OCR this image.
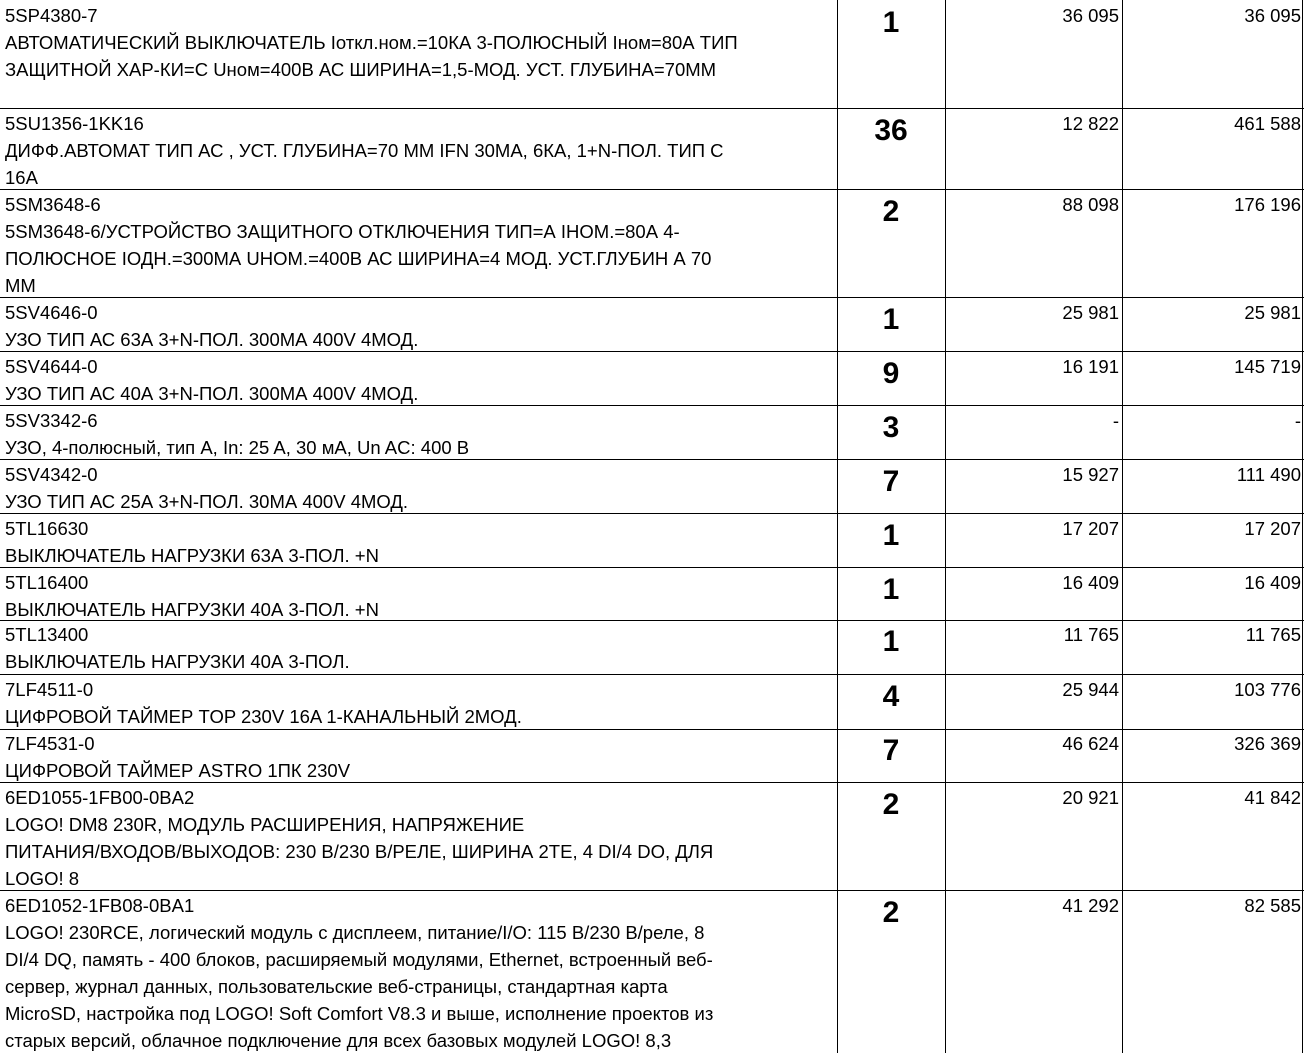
5SP4380-7
АВТОМАТИЧЕСКИЙ ВЫКЛЮЧАТЕЛЬ Iоткл.ном.=10КА 3-ПОЛЮСНЫЙ Iном=80А ТИП
ЗАЩИТНОЙ ХАР-КИ=С Uном=400В АС ШИРИНА=1,5-МОД. УСТ. ГЛУБИНА=70ММ
1	36 095	36 095
5SU1356-1KK16
ДИФФ.АВТОМАТ ТИП АС , УСТ. ГЛУБИНА=70 ММ IFN 30МА, 6КА, 1+N-ПОЛ. ТИП С
16А
36	12 822	461 588
5SM3648-6
5SM3648-6/УСТРОЙСТВО ЗАЩИТНОГО ОТКЛЮЧЕНИЯ ТИП=А IНОМ.=80А 4-
ПОЛЮСНОЕ IОДН.=300МА UНОМ.=400В АС ШИРИНА=4 МОД. УСТ.ГЛУБИН А 70
ММ
2	88 098	176 196
5SV4646-0
УЗО ТИП АС 63А 3+N-ПОЛ. 300МА 400V 4МОД.
1	25 981	25 981
5SV4644-0
УЗО ТИП АС 40А 3+N-ПОЛ. 300МА 400V 4МОД.
9	16 191	145 719
5SV3342-6
УЗО, 4-полюсный, тип A, In: 25 A, 30 мА, Un AC: 400 В
3	-	-
5SV4342-0
УЗО ТИП АС 25А 3+N-ПОЛ. 30МА 400V 4МОД.
7	15 927	111 490
5TL16630
ВЫКЛЮЧАТЕЛЬ НАГРУЗКИ 63А 3-ПОЛ. +N
1	17 207	17 207
5TL16400
ВЫКЛЮЧАТЕЛЬ НАГРУЗКИ 40А 3-ПОЛ. +N
1	16 409	16 409
5TL13400
ВЫКЛЮЧАТЕЛЬ НАГРУЗКИ 40А 3-ПОЛ.
1	11 765	11 765
7LF4511-0
ЦИФРОВОЙ ТАЙМЕР TOP 230V 16A 1-КАНАЛЬНЫЙ 2МОД.
4	25 944	103 776
7LF4531-0
ЦИФРОВОЙ ТАЙМЕР ASTRO 1ПК 230V
7	46 624	326 369
6ED1055-1FB00-0BA2
LOGO! DM8 230R, МОДУЛЬ РАСШИРЕНИЯ, НАПРЯЖЕНИЕ
ПИТАНИЯ/ВХОДОВ/ВЫХОДОВ: 230 В/230 В/РЕЛЕ, ШИРИНА 2TE, 4 DI/4 DO, ДЛЯ
LOGO! 8
2	20 921	41 842
6ED1052-1FB08-0BA1
LOGO! 230RCE, логический модуль с дисплеем, питание/I/O: 115 В/230 В/реле, 8
DI/4 DQ, память - 400 блоков, расширяемый модулями, Ethernet, встроенный веб-
сервер, журнал данных, пользовательские веб-страницы, стандартная карта
MicroSD, настройка под LOGO! Soft Comfort V8.3 и выше, исполнение проектов из
старых версий, облачное подключение для всех базовых модулей LOGO! 8,3
2	41 292	82 585
